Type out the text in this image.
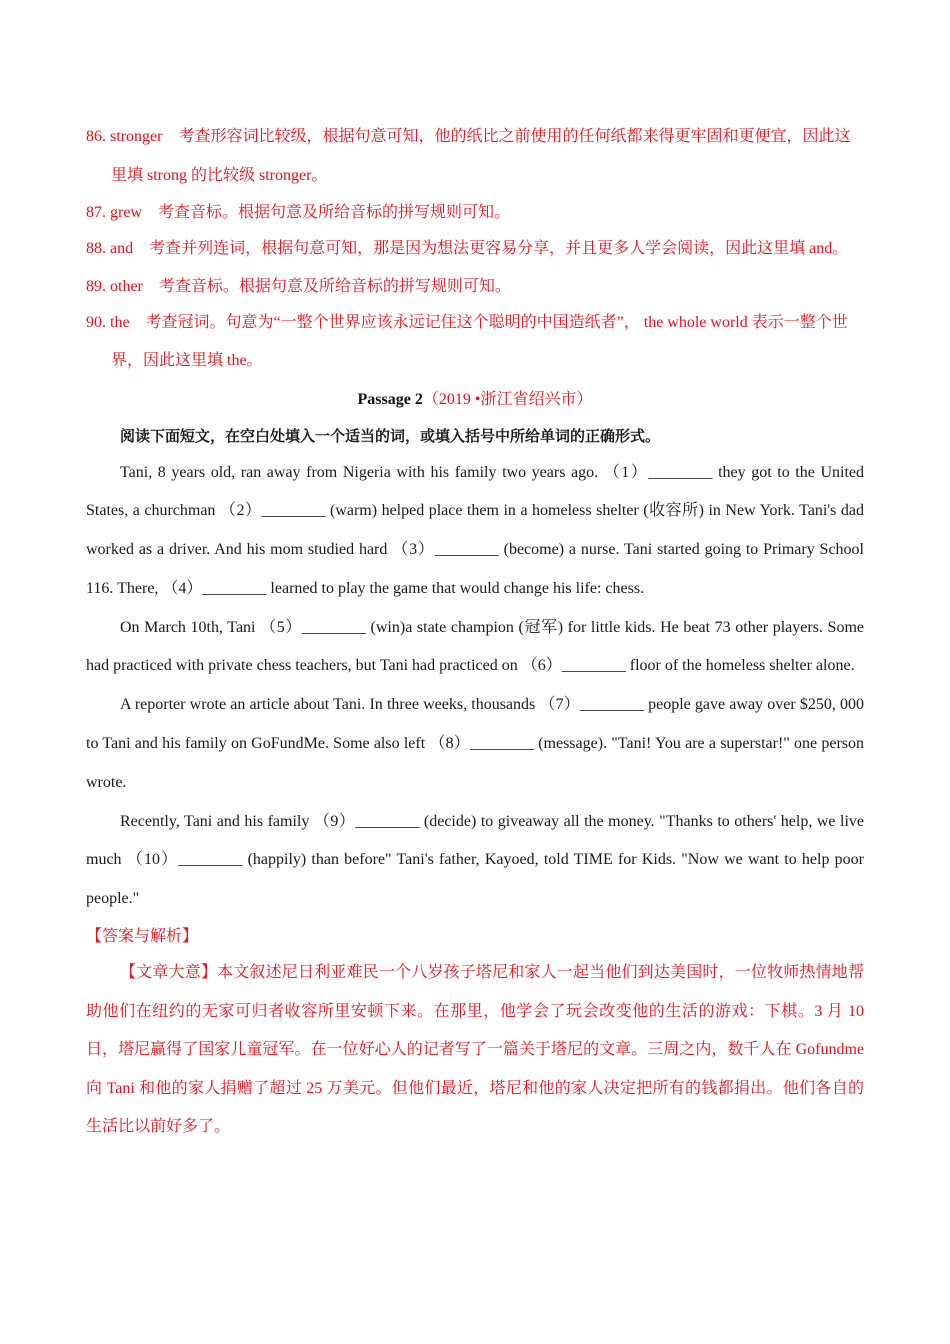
86. stronger 考查形容词比较级，根据句意可知，他的纸比之前使用的任何纸都来得更牢固和更便宜，因此这里填 strong 的比较级 stronger。

87. grew 考查音标。根据句意及所给音标的拼写规则可知。

88. and 考查并列连词，根据句意可知，那是因为想法更容易分享，并且更多人学会阅读，因此这里填 and。

89. other 考查音标。根据句意及所给音标的拼写规则可知。

90. the 考查冠词。句意为“一整个世界应该永远记住这个聪明的中国造纸者”， the whole world 表示一整个世界，因此这里填 the。

Passage 2（2019 •浙江省绍兴市）

阅读下面短文，在空白处填入一个适当的词，或填入括号中所给单词的正确形式。

Tani, 8 years old, ran away from Nigeria with his family two years ago. （1）________ they got to the United States, a churchman （2）________ (warm) helped place them in a homeless shelter (收容所) in New York. Tani's dad worked as a driver. And his mom studied hard （3）________ (become) a nurse. Tani started going to Primary School 116. There, （4）________ learned to play the game that would change his life: chess.

On March 10th, Tani （5）________ (win)a state champion (冠军) for little kids. He beat 73 other players. Some had practiced with private chess teachers, but Tani had practiced on （6）________ floor of the homeless shelter alone.

A reporter wrote an article about Tani. In three weeks, thousands （7）________ people gave away over $250, 000 to Tani and his family on GoFundMe. Some also left （8）________ (message). "Tani! You are a superstar!" one person wrote.

Recently, Tani and his family （9）________ (decide) to giveaway all the money. "Thanks to others' help, we live much （10）________ (happily) than before" Tani's father, Kayoed, told TIME for Kids. "Now we want to help poor people."

【答案与解析】

【文章大意】本文叙述尼日利亚难民一个八岁孩子塔尼和家人一起当他们到达美国时，一位牧师热情地帮助他们在纽约的无家可归者收容所里安顿下来。在那里，他学会了玩会改变他的生活的游戏：下棋。3 月 10 日，塔尼赢得了国家儿童冠军。在一位好心人的记者写了一篇关于塔尼的文章。三周之内，数千人在 Gofundme 向 Tani 和他的家人捐赠了超过 25 万美元。但他们最近，塔尼和他的家人决定把所有的钱都捐出。他们各自的生活比以前好多了。
